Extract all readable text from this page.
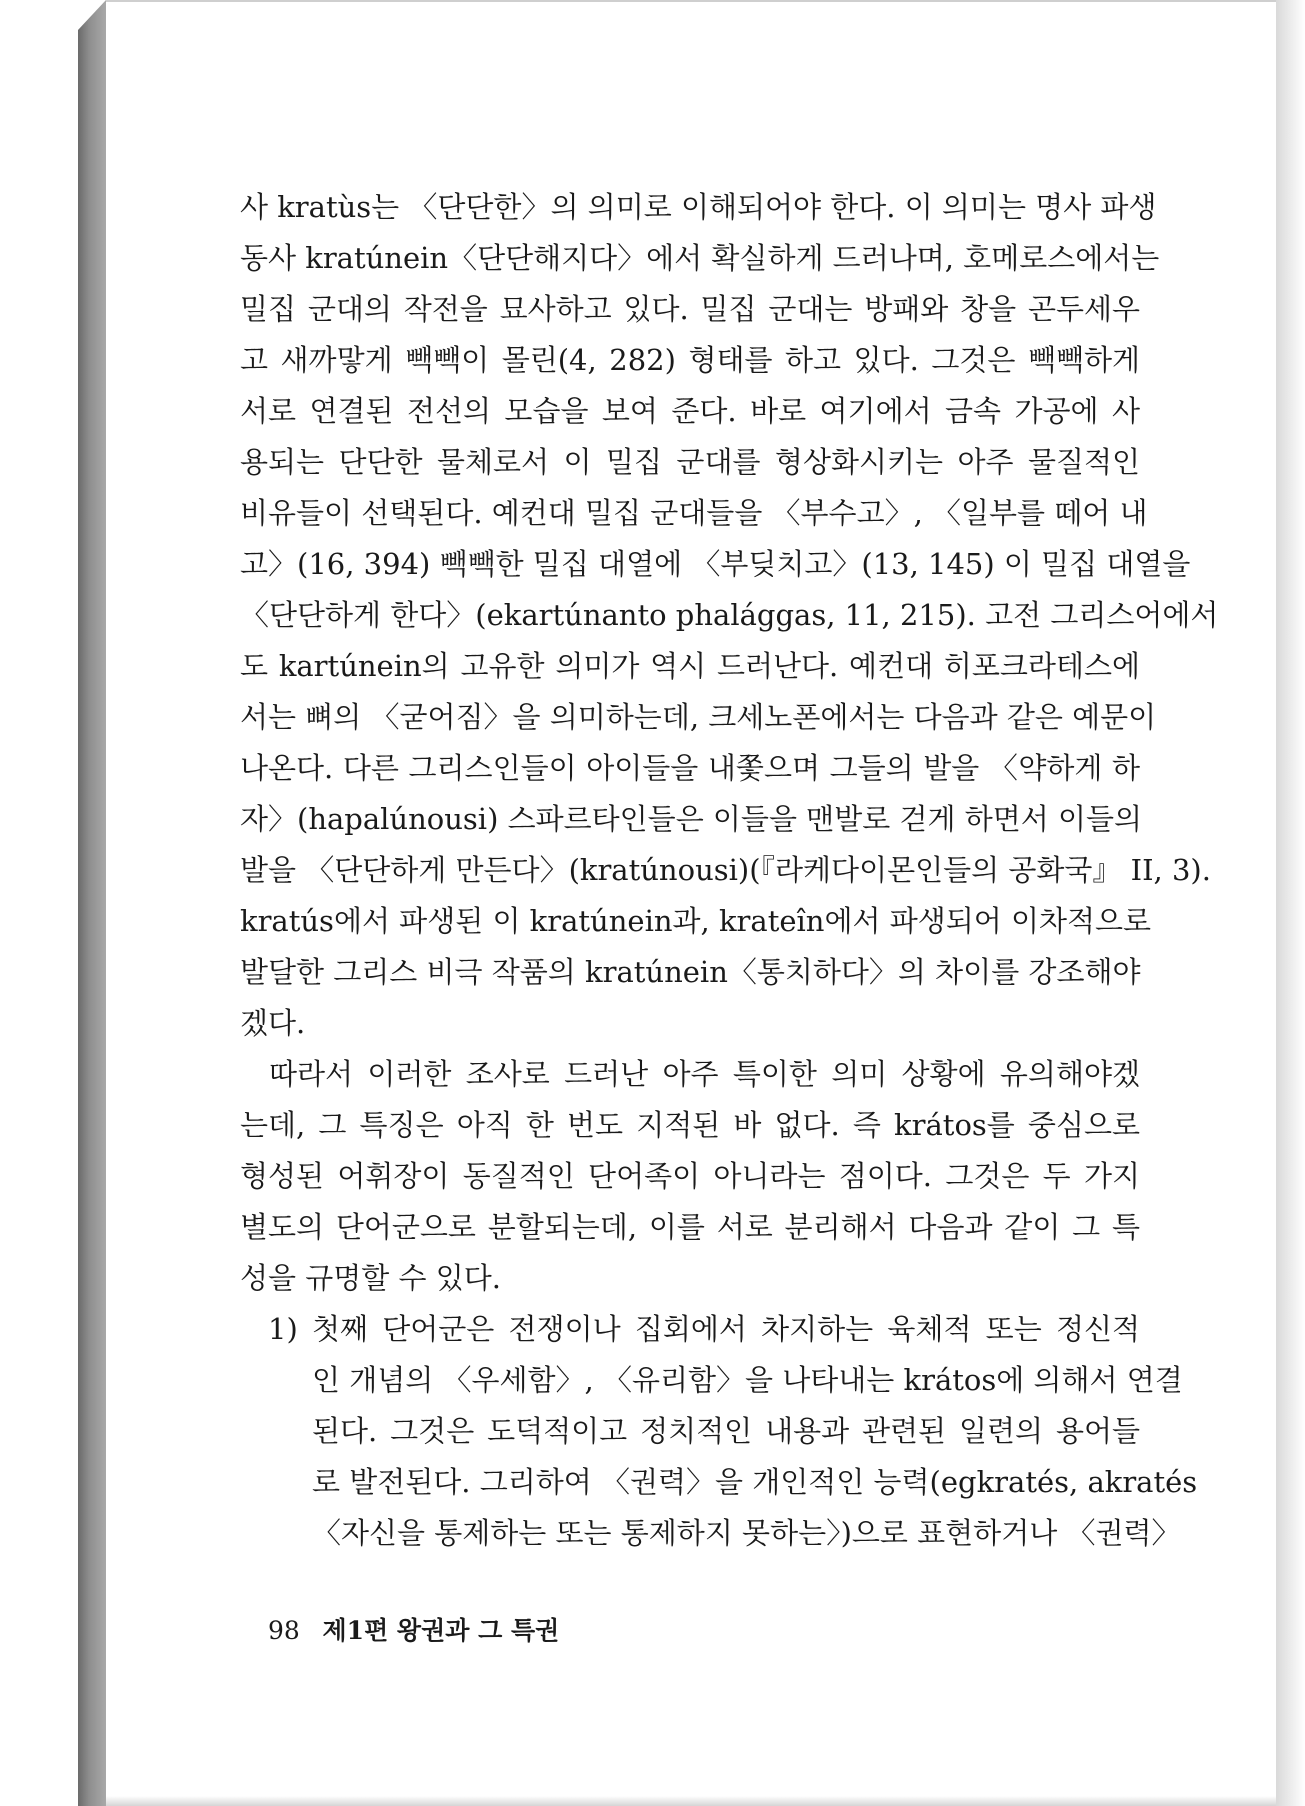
사 kratùs는 〈단단한〉의 의미로 이해되어야 한다. 이 의미는 명사 파생
동사 kratúnein〈단단해지다〉에서 확실하게 드러나며, 호메로스에서는
밀집 군대의 작전을 묘사하고 있다. 밀집 군대는 방패와 창을 곤두세우
고 새까맣게 빽빽이 몰린(4, 282) 형태를 하고 있다. 그것은 빽빽하게
서로 연결된 전선의 모습을 보여 준다. 바로 여기에서 금속 가공에 사
용되는 단단한 물체로서 이 밀집 군대를 형상화시키는 아주 물질적인
비유들이 선택된다. 예컨대 밀집 군대들을 〈부수고〉, 〈일부를 떼어 내
고〉(16, 394) 빽빽한 밀집 대열에 〈부딪치고〉(13, 145) 이 밀집 대열을
〈단단하게 한다〉(ekartúnanto phalággas, 11, 215). 고전 그리스어에서
도 kartúnein의 고유한 의미가 역시 드러난다. 예컨대 히포크라테스에
서는 뼈의 〈굳어짐〉을 의미하는데, 크세노폰에서는 다음과 같은 예문이
나온다. 다른 그리스인들이 아이들을 내쫓으며 그들의 발을 〈약하게 하
자〉(hapalúnousi) 스파르타인들은 이들을 맨발로 걷게 하면서 이들의
발을 〈단단하게 만든다〉(kratúnousi)(『라케다이몬인들의 공화국』 II, 3).
kratús에서 파생된 이 kratúnein과, krateîn에서 파생되어 이차적으로
발달한 그리스 비극 작품의 kratúnein〈통치하다〉의 차이를 강조해야
겠다.
따라서 이러한 조사로 드러난 아주 특이한 의미 상황에 유의해야겠
는데, 그 특징은 아직 한 번도 지적된 바 없다. 즉 krátos를 중심으로
형성된 어휘장이 동질적인 단어족이 아니라는 점이다. 그것은 두 가지
별도의 단어군으로 분할되는데, 이를 서로 분리해서 다음과 같이 그 특
성을 규명할 수 있다.
1) 첫째 단어군은 전쟁이나 집회에서 차지하는 육체적 또는 정신적
인 개념의 〈우세함〉, 〈유리함〉을 나타내는 krátos에 의해서 연결
된다. 그것은 도덕적이고 정치적인 내용과 관련된 일련의 용어들
로 발전된다. 그리하여 〈권력〉을 개인적인 능력(egkratés, akratés
〈자신을 통제하는 또는 통제하지 못하는〉)으로 표현하거나 〈권력〉
98 제1편 왕권과 그 특권
